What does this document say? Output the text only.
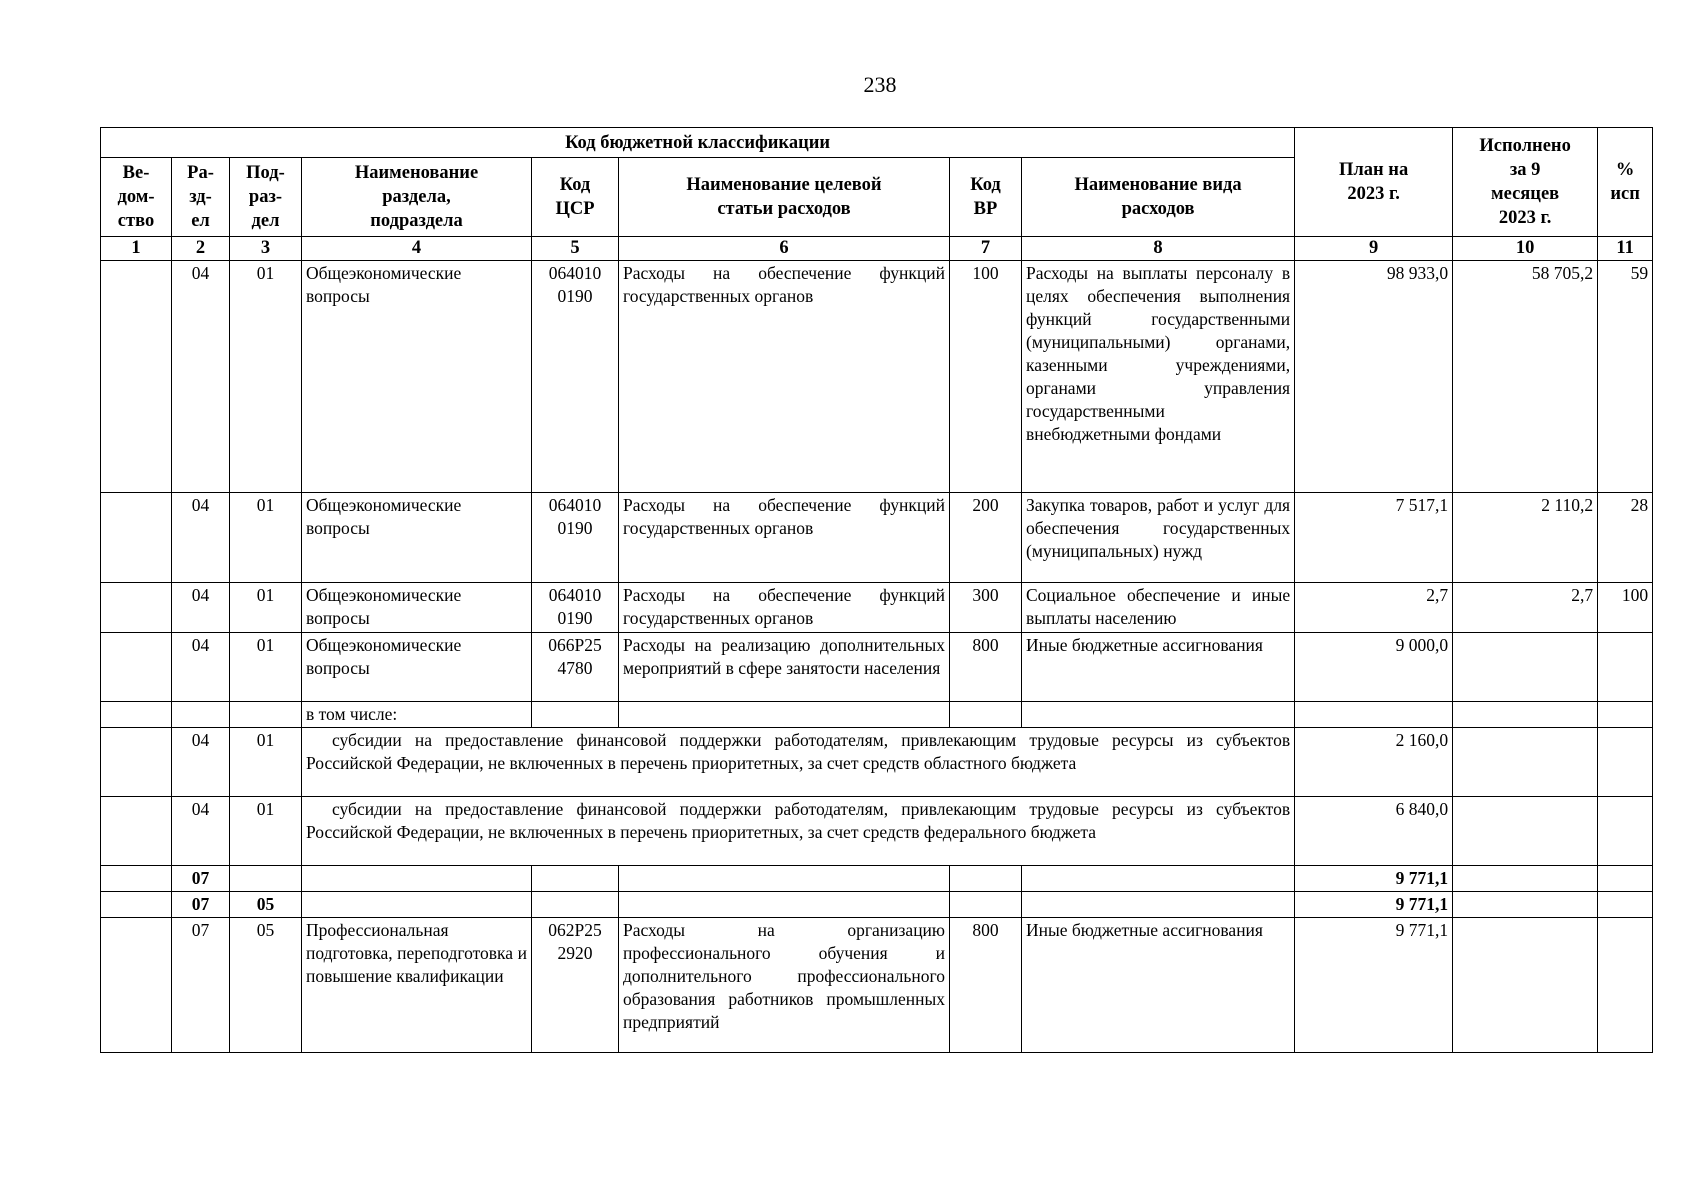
238
Код бюджетной классификации								План на
2023 г.	Исполнено
за 9
месяцев
2023 г.	%
исп
Ве-
дом-
ство	Ра-
зд-
ел	Под-
раз-
дел	Наименование
раздела,
подраздела	Код
ЦСР	Наименование целевой
статьи расходов	Код
ВР	Наименование вида
расходов			
1	2	3	4	5	6	7	8	9	10	11
	04	01	Общеэкономические вопросы	064010
0190	Расходы на обеспечение функций государственных органов	100	Расходы на выплаты персоналу в целях обеспечения выполнения функций государственными (муниципальными) органами, казенными учреждениями, органами управления государственными внебюджетными фондами	98 933,0	58 705,2	59
	04	01	Общеэкономические вопросы	064010
0190	Расходы на обеспечение функций государственных органов	200	Закупка товаров, работ и услуг для обеспечения государственных (муниципальных) нужд	7 517,1	2 110,2	28
	04	01	Общеэкономические вопросы	064010
0190	Расходы на обеспечение функций государственных органов	300	Социальное обеспечение и иные выплаты населению	2,7	2,7	100
	04	01	Общеэкономические вопросы	066P25
4780	Расходы на реализацию дополнительных мероприятий в сфере занятости населения	800	Иные бюджетные ассигнования	9 000,0		
			в том числе:							
	04	01	субсидии на предоставление финансовой поддержки работодателям, привлекающим трудовые ресурсы из субъектов Российской Федерации, не включенных в перечень приоритетных, за счет средств областного бюджета					2 160,0		
	04	01	субсидии на предоставление финансовой поддержки работодателям, привлекающим трудовые ресурсы из субъектов Российской Федерации, не включенных в перечень приоритетных, за счет средств федерального бюджета					6 840,0		
	07							9 771,1		
	07	05						9 771,1		
	07	05	Профессиональная подготовка, переподготовка и повышение квалификации	062P25
2920	Расходы на организацию профессионального обучения и дополнительного профессионального образования работников промышленных предприятий	800	Иные бюджетные ассигнования	9 771,1		
